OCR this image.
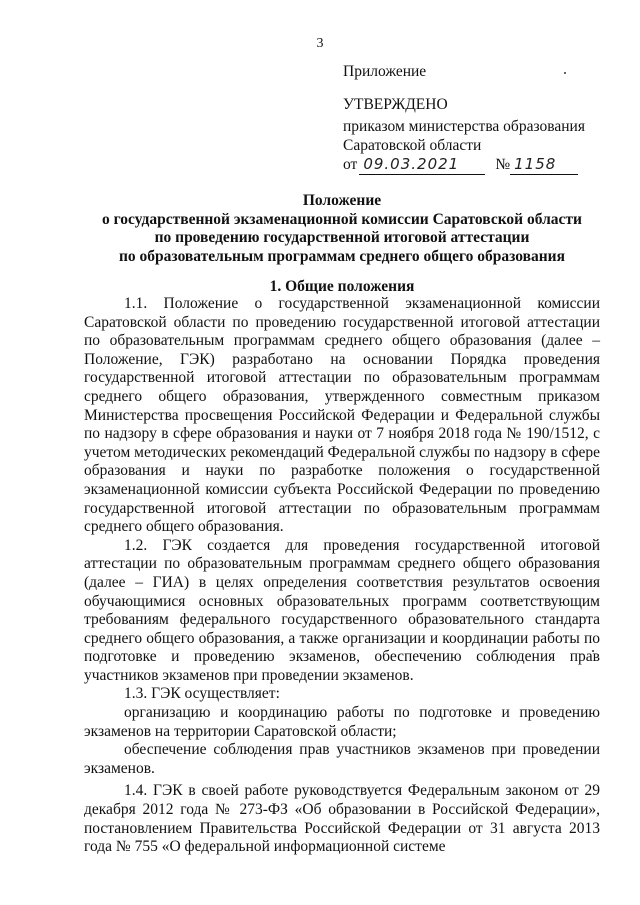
3
Приложение
УТВЕРЖДЕНО
приказом министерства образования
Саратовской области
от 09.03.2021	№ 1158
Положение
о государственной экзаменационной комиссии Саратовской области
по проведению государственной итоговой аттестации
по образовательным программам среднего общего образования
1. Общие положения

1.1. Положение о государственной экзаменационной комиссии Саратовской области по проведению государственной итоговой аттестации по образовательным программам среднего общего образования (далее – Положение, ГЭК) разработано на основании Порядка проведения государственной итоговой аттестации по образовательным программам среднего общего образования, утвержденного совместным приказом Министерства просвещения Российской Федерации и Федеральной службы по надзору в сфере образования и науки от 7 ноября 2018 года № 190/1512, с учетом методических рекомендаций Федеральной службы по надзору в сфере образования и науки по разработке положения о государственной экзаменационной комиссии субъекта Российской Федерации по проведению государственной итоговой аттестации по образовательным программам среднего общего образования.

1.2. ГЭК создается для проведения государственной итоговой аттестации по образовательным программам среднего общего образования (далее – ГИА) в целях определения соответствия результатов освоения обучающимися основных образовательных программ соответствующим требованиям федерального государственного образовательного стандарта среднего общего образования, а также организации и координации работы по подготовке и проведению экзаменов, обеспечению соблюдения прав участников экзаменов при проведении экзаменов.

1.3. ГЭК осуществляет:

организацию и координацию работы по подготовке и проведению экзаменов на территории Саратовской области;

обеспечение соблюдения прав участников экзаменов при проведении экзаменов.

1.4. ГЭК в своей работе руководствуется Федеральным законом от 29 декабря 2012 года № 273-ФЗ «Об образовании в Российской Федерации», постановлением Правительства Российской Федерации от 31 августа 2013 года № 755 «О федеральной информационной системе
